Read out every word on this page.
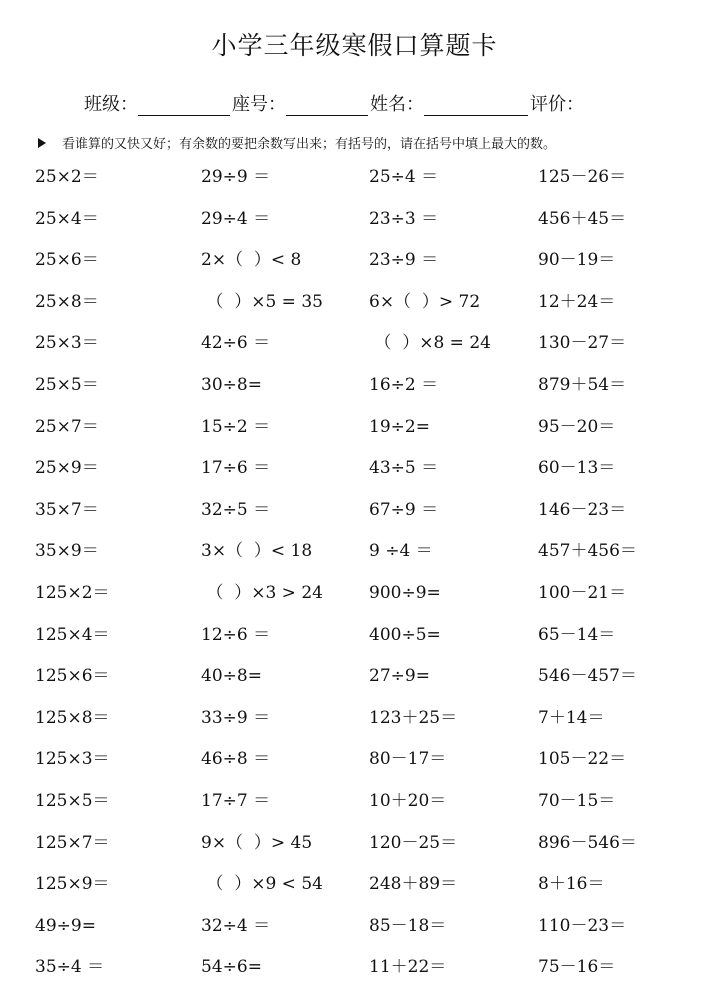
小学三年级寒假口算题卡
班级：	座号：	姓名：	评价：
看谁算的又快又好；有余数的要把余数写出来；有括号的，请在括号中填上最大的数。
25×2＝	29÷9 ＝	25÷4 ＝	125－26＝
25×4＝	29÷4 ＝	23÷3 ＝	456＋45＝
25×6＝	2×（  ）< 8	23÷9 ＝	90－19＝
25×8＝	（  ）×5 = 35	6×（  ）> 72	12＋24＝
25×3＝	42÷6 ＝	（  ）×8 = 24	130－27＝
25×5＝	30÷8=	16÷2 ＝	879＋54＝
25×7＝	15÷2 ＝	19÷2=	95－20＝
25×9＝	17÷6 ＝	43÷5 ＝	60－13＝
35×7＝	32÷5 ＝	67÷9 ＝	146－23＝
35×9＝	3×（  ）< 18	9 ÷4 ＝	457＋456＝
125×2＝	（  ）×3 > 24	900÷9=	100－21＝
125×4＝	12÷6 ＝	400÷5=	65－14＝
125×6＝	40÷8=	27÷9=	546－457＝
125×8＝	33÷9 ＝	123＋25＝	7＋14＝
125×3＝	46÷8 ＝	80－17＝	105－22＝
125×5＝	17÷7 ＝	10＋20＝	70－15＝
125×7＝	9×（  ）> 45	120－25＝	896－546＝
125×9＝	（  ）×9 < 54	248＋89＝	8＋16＝
49÷9=	32÷4 ＝	85－18＝	110－23＝
35÷4 ＝	54÷6=	11＋22＝	75－16＝
